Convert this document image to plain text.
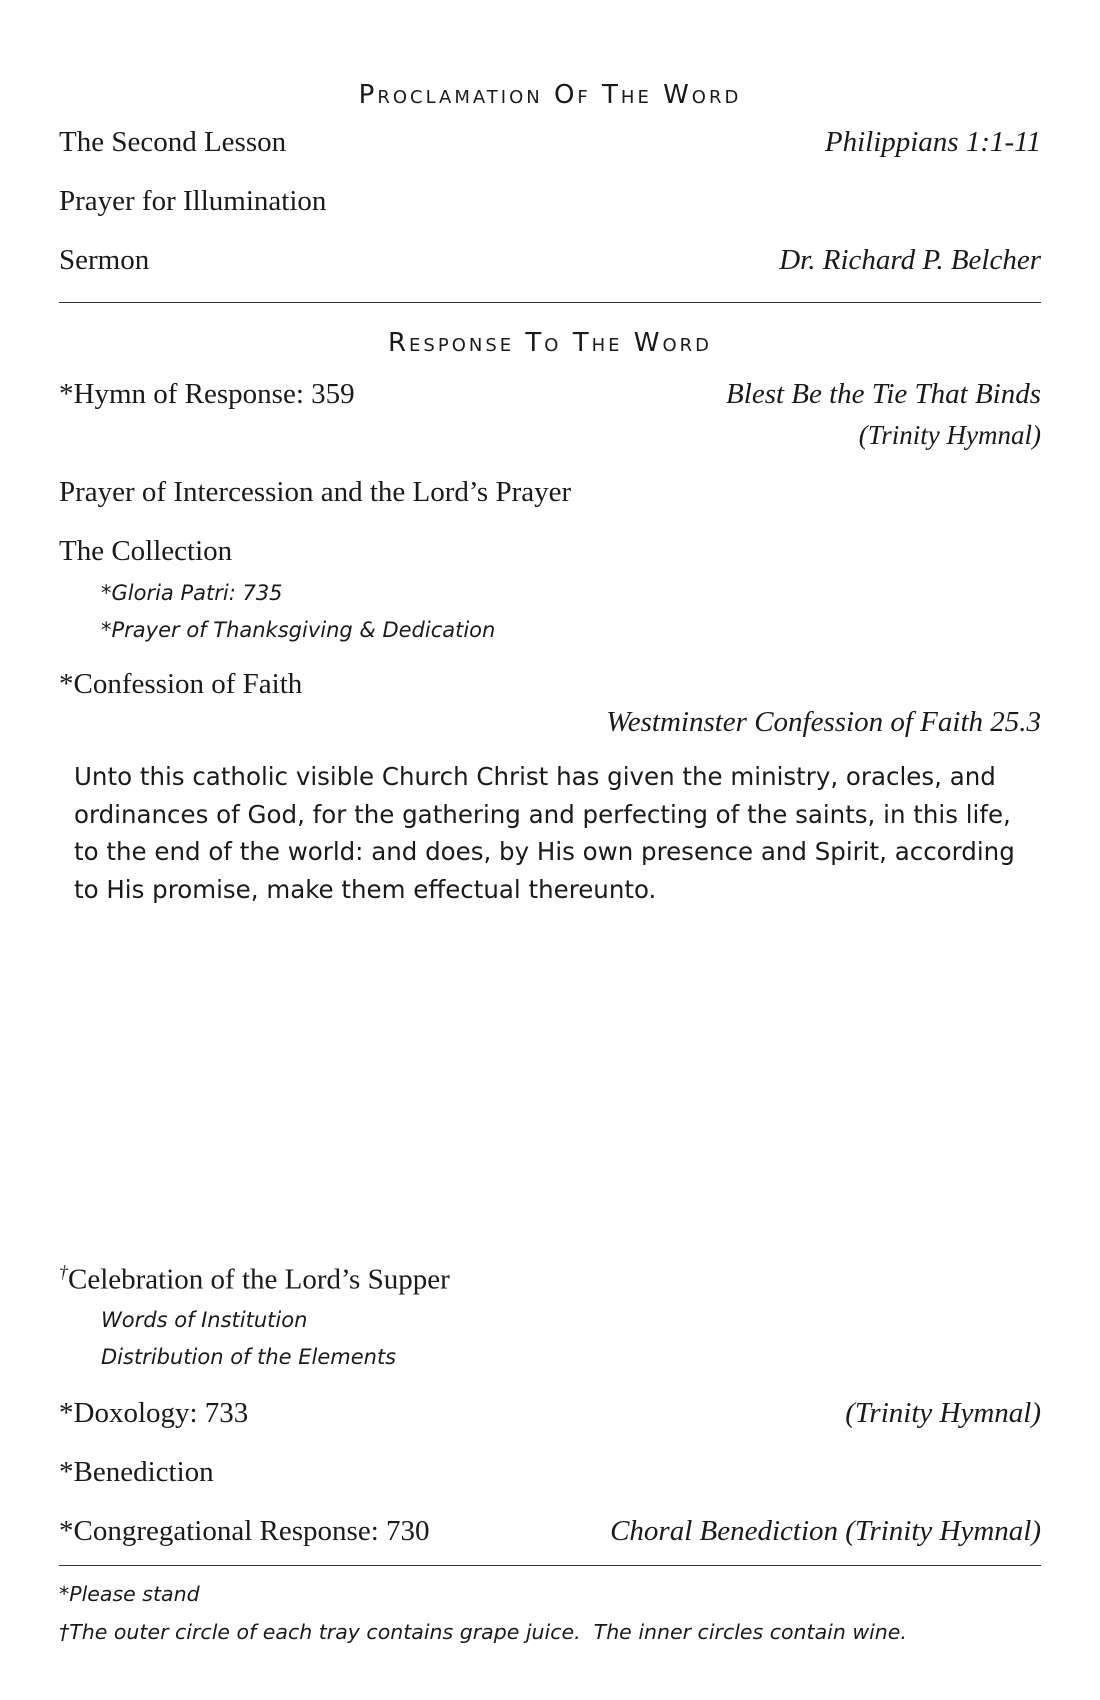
Proclamation Of The Word
The Second Lesson	Philippians 1:1-11
Prayer for Illumination
Sermon	Dr. Richard P. Belcher
Response To The Word
*Hymn of Response: 359	Blest Be the Tie That Binds
(Trinity Hymnal)
Prayer of Intercession and the Lord’s Prayer
The Collection
*Gloria Patri: 735
*Prayer of Thanksgiving & Dedication
*Confession of Faith
Westminster Confession of Faith 25.3
Unto this catholic visible Church Christ has given the ministry, oracles, and ordinances of God, for the gathering and perfecting of the saints, in this life, to the end of the world: and does, by His own presence and Spirit, according to His promise, make them effectual thereunto.
†Celebration of the Lord’s Supper
Words of Institution
Distribution of the Elements
*Doxology: 733	(Trinity Hymnal)
*Benediction
*Congregational Response: 730	Choral Benediction (Trinity Hymnal)
*Please stand
†The outer circle of each tray contains grape juice.  The inner circles contain wine.
